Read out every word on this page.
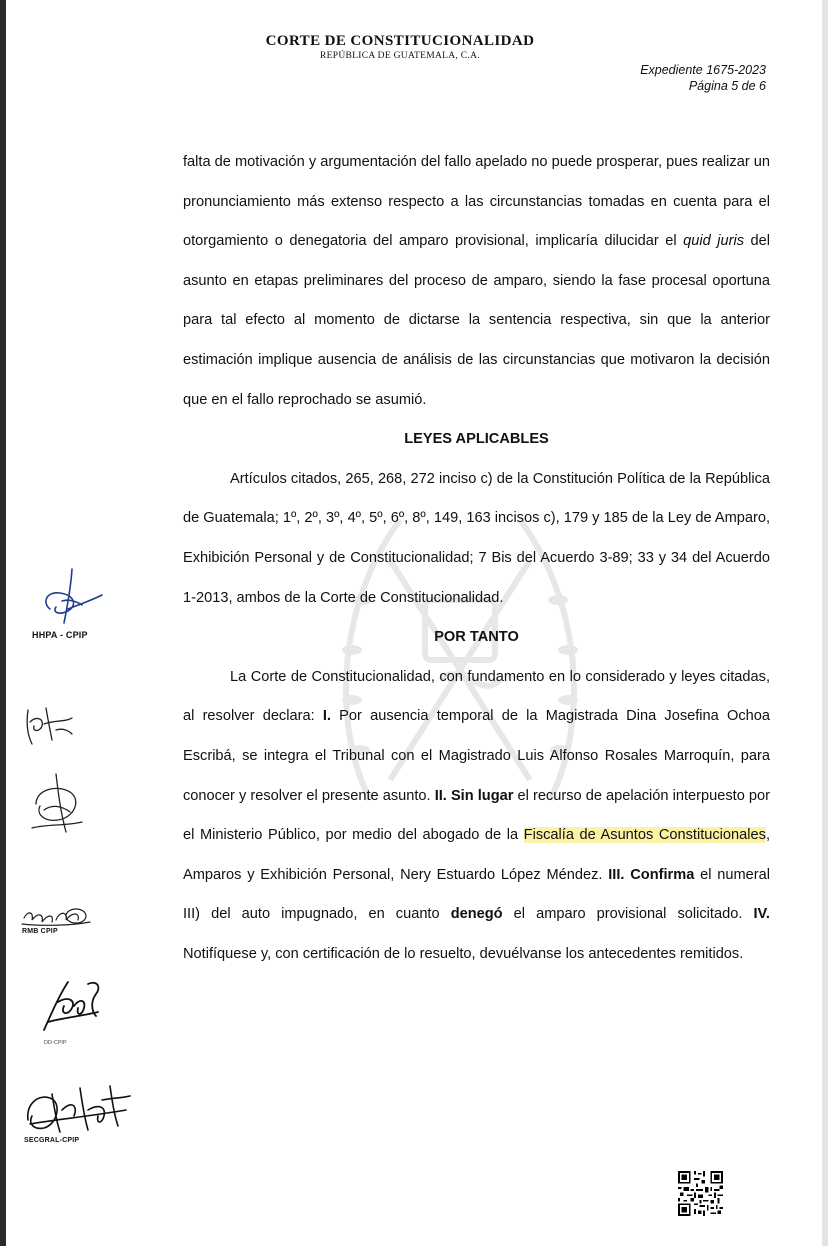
CORTE DE CONSTITUCIONALIDAD
REPÚBLICA DE GUATEMALA, C.A.
Expediente 1675-2023
Página 5 de 6

falta de motivación y argumentación del fallo apelado no puede prosperar, pues realizar un pronunciamiento más extenso respecto a las circunstancias tomadas en cuenta para el otorgamiento o denegatoria del amparo provisional, implicaría dilucidar el quid juris del asunto en etapas preliminares del proceso de amparo, siendo la fase procesal oportuna para tal efecto al momento de dictarse la sentencia respectiva, sin que la anterior estimación implique ausencia de análisis de las circunstancias que motivaron la decisión que en el fallo reprochado se asumió.

LEYES APLICABLES

Artículos citados, 265, 268, 272 inciso c) de la Constitución Política de la República de Guatemala; 1º, 2º, 3º, 4º, 5º, 6º, 8º, 149, 163 incisos c), 179 y 185 de la Ley de Amparo, Exhibición Personal y de Constitucionalidad; 7 Bis del Acuerdo 3-89; 33 y 34 del Acuerdo 1-2013, ambos de la Corte de Constitucionalidad.

POR TANTO

La Corte de Constitucionalidad, con fundamento en lo considerado y leyes citadas, al resolver declara: I. Por ausencia temporal de la Magistrada Dina Josefina Ochoa Escribá, se integra el Tribunal con el Magistrado Luis Alfonso Rosales Marroquín, para conocer y resolver el presente asunto. II. Sin lugar el recurso de apelación interpuesto por el Ministerio Público, por medio del abogado de la Fiscalía de Asuntos Constitucionales, Amparos y Exhibición Personal, Nery Estuardo López Méndez. III. Confirma el numeral III) del auto impugnado, en cuanto denegó el amparo provisional solicitado. IV. Notifíquese y, con certificación de lo resuelto, devuélvanse los antecedentes remitidos.

HHPA - CPIP
RMB CPIP
DD-CPIP
SECGRAL-CPIP
